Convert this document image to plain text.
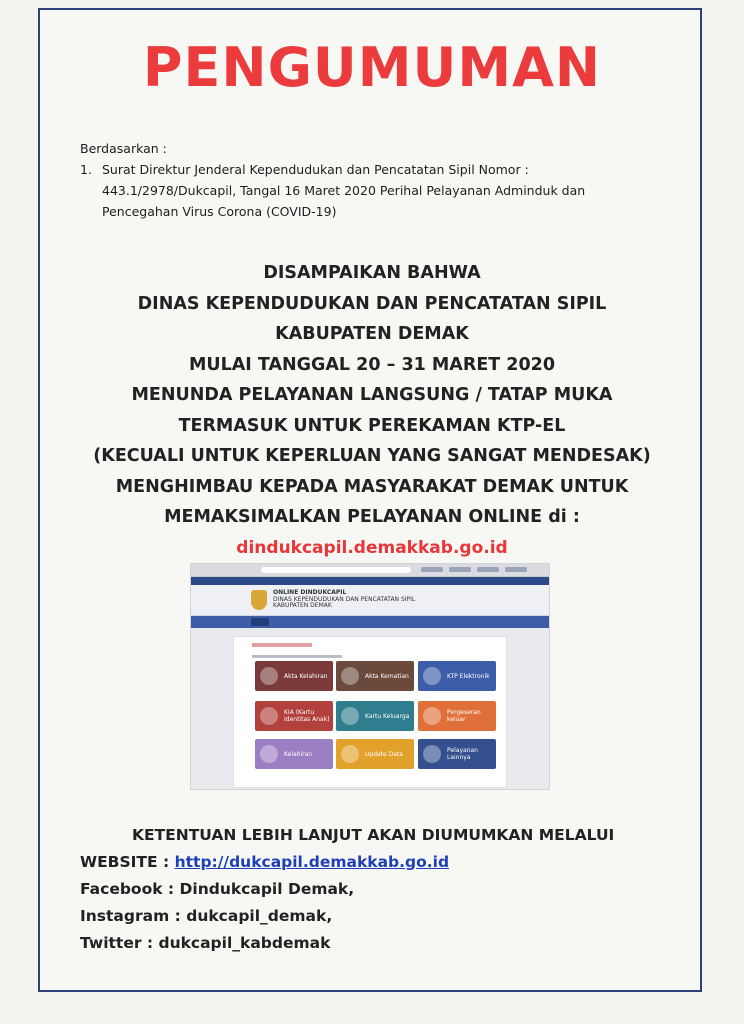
PENGUMUMAN
Berdasarkan :
1. Surat Direktur Jenderal Kependudukan dan Pencatatan Sipil Nomor :
443.1/2978/Dukcapil, Tangal 16 Maret 2020 Perihal Pelayanan Adminduk dan
Pencegahan Virus Corona (COVID-19)
DISAMPAIKAN BAHWA
DINAS KEPENDUDUKAN DAN PENCATATAN SIPIL
KABUPATEN DEMAK
MULAI TANGGAL 20 – 31 MARET 2020
MENUNDA PELAYANAN LANGSUNG / TATAP MUKA
TERMASUK UNTUK PEREKAMAN KTP-EL
(KECUALI UNTUK KEPERLUAN YANG SANGAT MENDESAK)
MENGHIMBAU KEPADA MASYARAKAT DEMAK UNTUK
MEMAKSIMALKAN PELAYANAN ONLINE di :
dindukcapil.demakkab.go.id
ONLINE DINDUKCAPIL
DINAS KEPENDUDUKAN DAN PENCATATAN SIPIL
KABUPATEN DEMAK
Akta Kelahiran	Akta Kematian	KTP Elektronik
KIA (Kartu Identitas Anak)	Kartu Keluarga	Pergeseran keluar
Kelahiran	Update Data	Pelayanan Lainnya
KETENTUAN LEBIH LANJUT AKAN DIUMUMKAN MELALUI
WEBSITE : http://dukcapil.demakkab.go.id
Facebook : Dindukcapil Demak,
Instagram : dukcapil_demak,
Twitter : dukcapil_kabdemak
